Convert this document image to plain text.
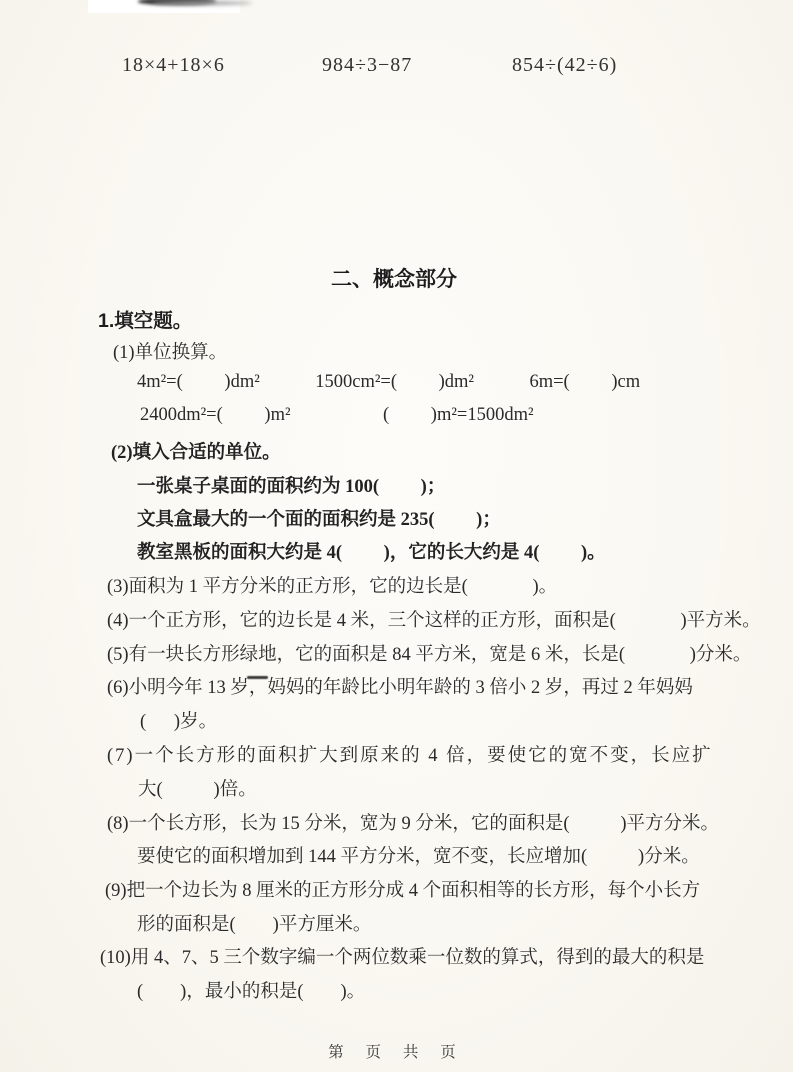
18×4+18×6	984÷3−87	854÷(42÷6)
二、概念部分
1.填空题。
(1)单位换算。
4m²=(         )dm²            1500cm²=(         )dm²            6m=(         )cm
2400dm²=(         )m²                    (         )m²=1500dm²
(2)填入合适的单位。
一张桌子桌面的面积约为 100(         )；
文具盒最大的一个面的面积约是 235(         )；
教室黑板的面积大约是 4(         )，它的长大约是 4(         )。
(3)面积为 1 平方分米的正方形，它的边长是(              )。
(4)一个正方形，它的边长是 4 米，三个这样的正方形，面积是(              )平方米。
(5)有一块长方形绿地，它的面积是 84 平方米，宽是 6 米，长是(              )分米。
(6)小明今年 13 岁，妈妈的年龄比小明年龄的 3 倍小 2 岁，再过 2 年妈妈
(      )岁。
(7)一个长方形的面积扩大到原来的 4 倍，要使它的宽不变，长应扩
大(           )倍。
(8)一个长方形，长为 15 分米，宽为 9 分米，它的面积是(           )平方分米。
要使它的面积增加到 144 平方分米，宽不变，长应增加(           )分米。
(9)把一个边长为 8 厘米的正方形分成 4 个面积相等的长方形，每个小长方
形的面积是(        )平方厘米。
(10)用 4、7、5 三个数字编一个两位数乘一位数的算式，得到的最大的积是
(        )，最小的积是(        )。
第 页 共 页
